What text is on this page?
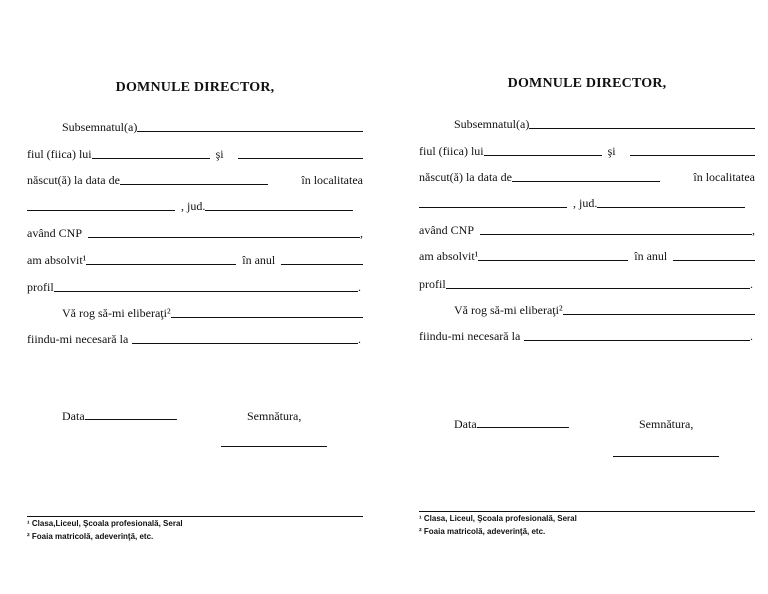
DOMNULE DIRECTOR,
Subsemnatul(a)
fiul (fiica) lui	şi
născut(ă) la data de	în localitatea
, jud.
având CNP	,
am absolvit¹	în anul
profil	.
Vă rog să-mi eliberaţi²
fiindu-mi necesară la	.
Data	Semnătura,
¹ Clasa,Liceul, Şcoala profesională, Seral
² Foaia matricolă, adeverinţă, etc.
DOMNULE DIRECTOR,
Subsemnatul(a)
fiul (fiica) lui	şi
născut(ă) la data de	în localitatea
, jud.
având CNP	,
am absolvit¹	în anul
profil	.
Vă rog să-mi eliberaţi²
fiindu-mi necesară la	.
Data	Semnătura,
¹ Clasa, Liceul, Şcoala profesională, Seral
² Foaia matricolă, adeverinţă, etc.
